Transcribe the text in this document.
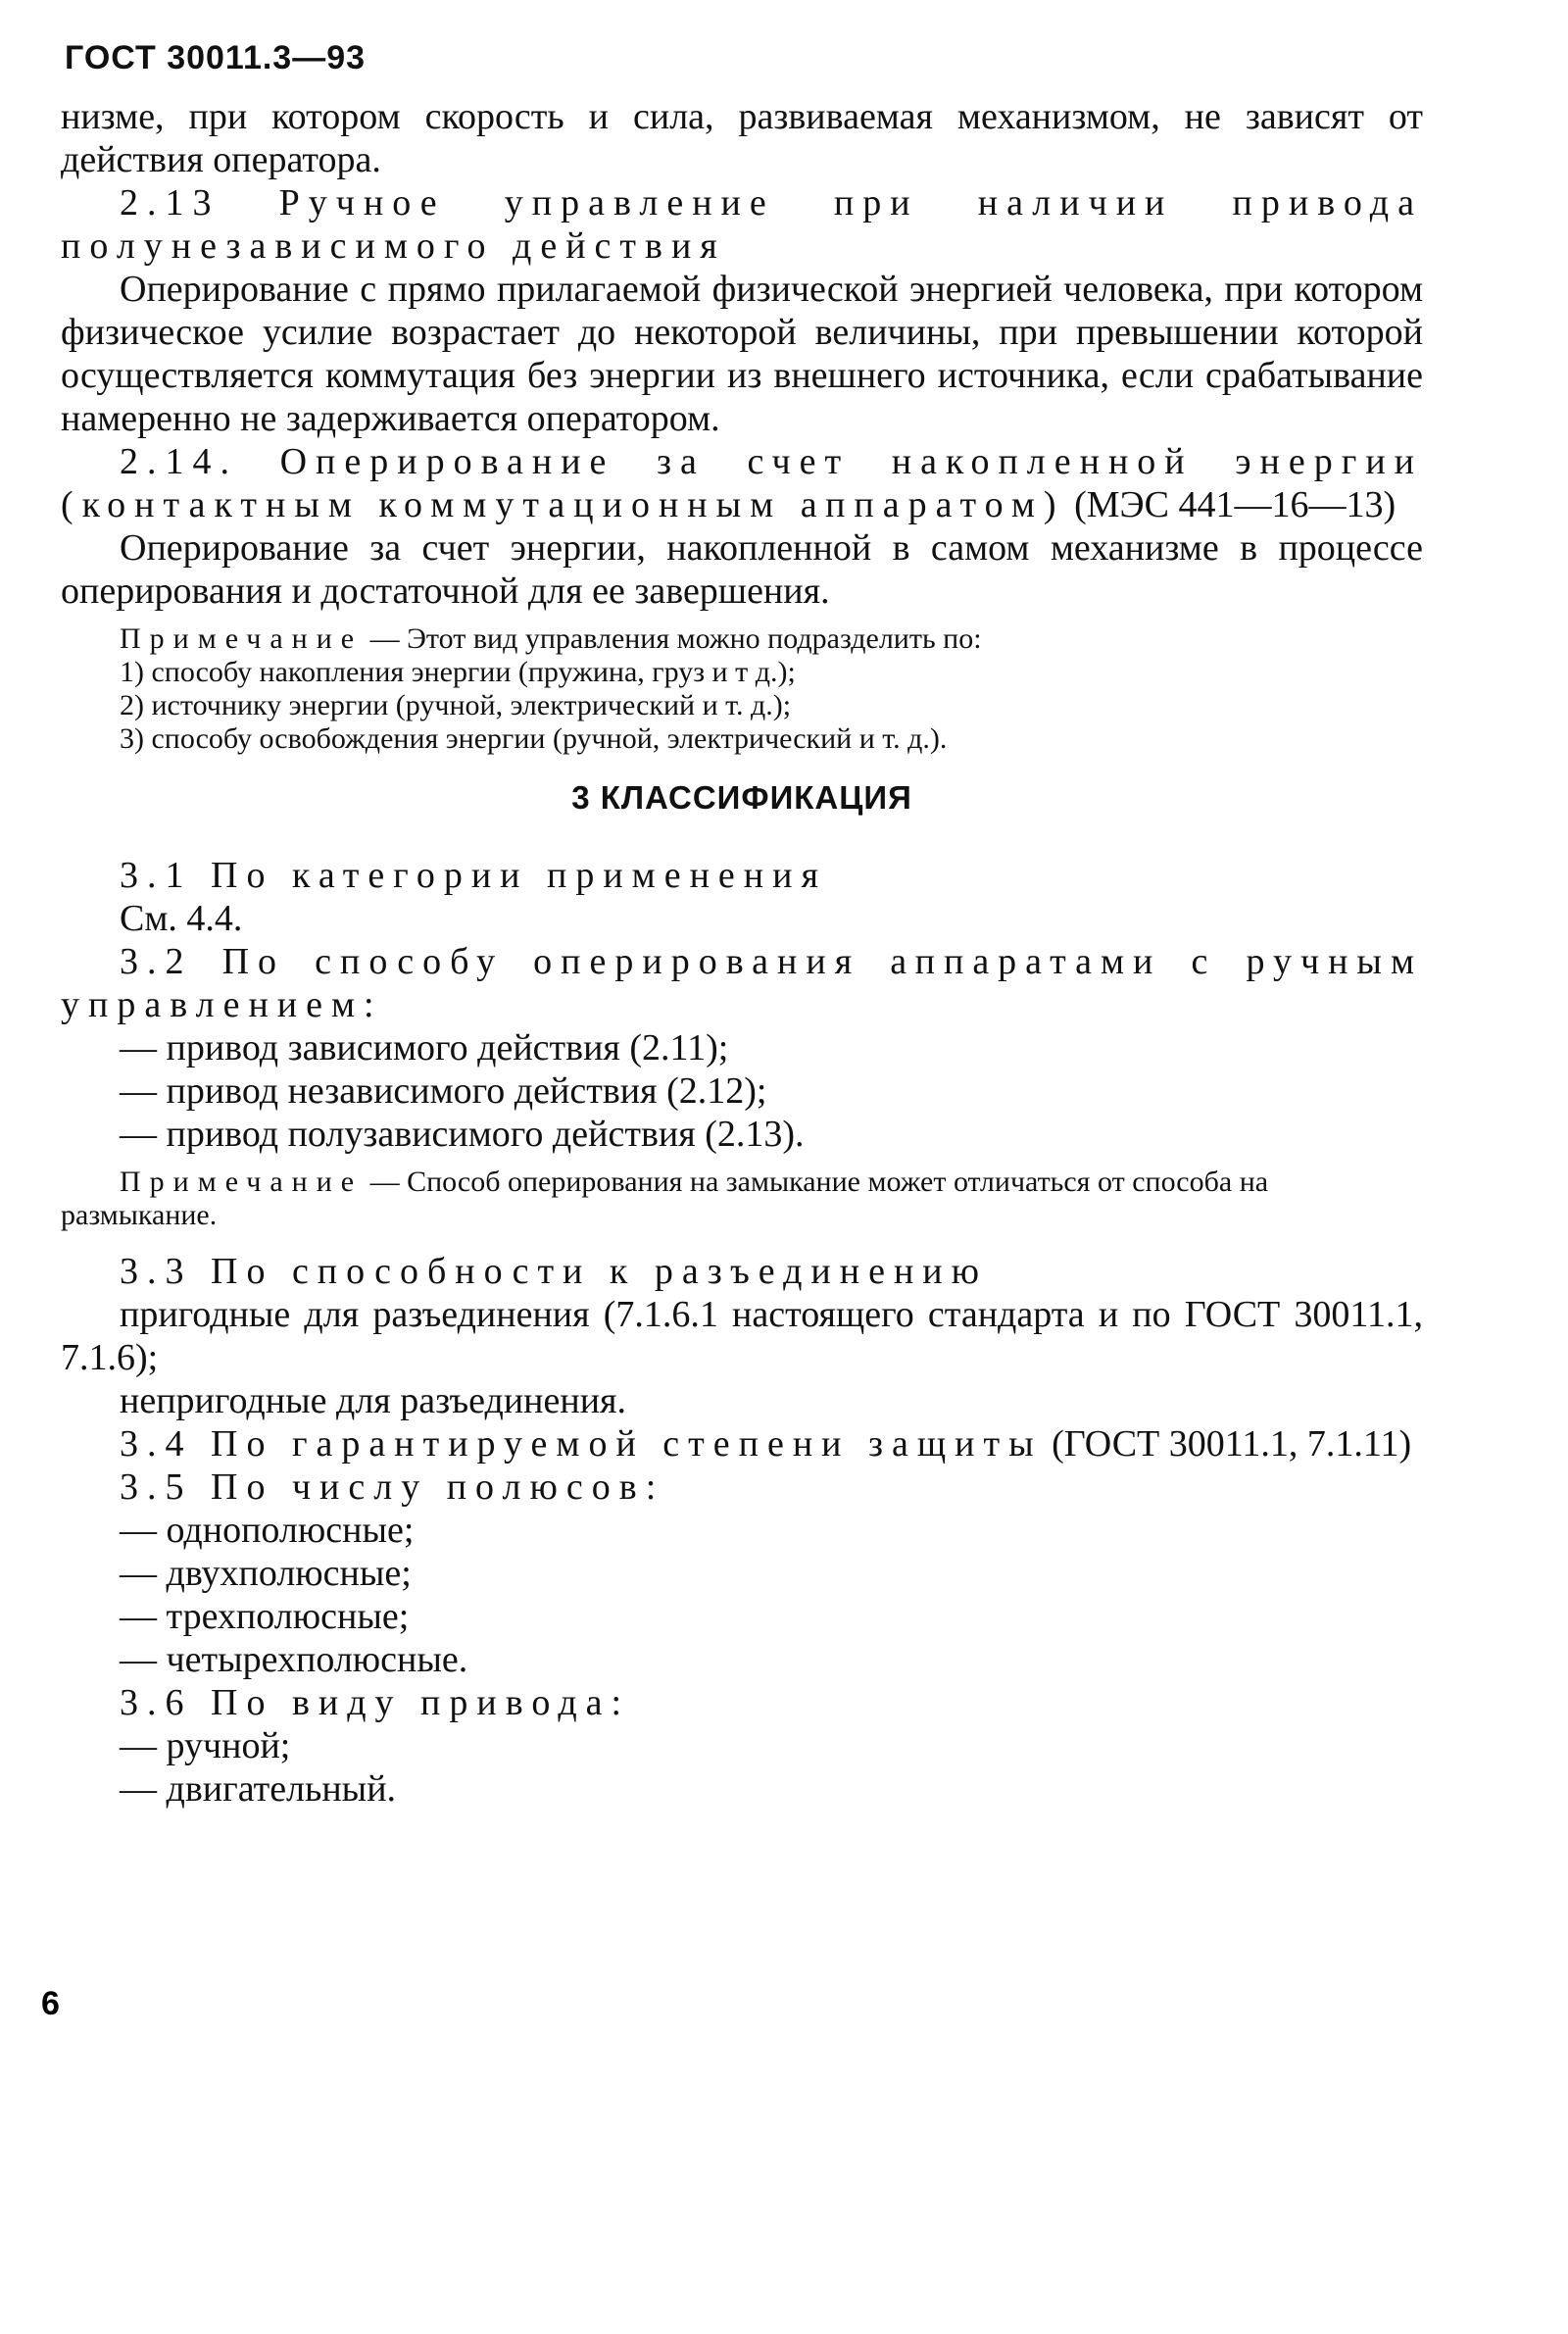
ГОСТ 30011.3—93

низме, при котором скорость и сила, развиваемая механизмом, не зависят от действия оператора.

2.13 Ручное управление при наличии привода полунезависимого действия

Оперирование с прямо прилагаемой физической энергией человека, при котором физическое усилие возрастает до некоторой величины, при превышении которой осуществляется коммутация без энергии из внешнего источника, если срабатывание намеренно не задерживается оператором.

2.14. Оперирование за счет накопленной энергии (контактным коммутационным аппаратом) (МЭС 441—16—13)

Оперирование за счет энергии, накопленной в самом механизме в процессе оперирования и достаточной для ее завершения.

Примечание — Этот вид управления можно подразделить по:

1) способу накопления энергии (пружина, груз и т д.);

2) источнику энергии (ручной, электрический и т. д.);

3) способу освобождения энергии (ручной, электрический и т. д.).

3 КЛАССИФИКАЦИЯ

3.1 По категории применения

См. 4.4.

3.2 По способу оперирования аппаратами с ручным управлением:

— привод зависимого действия (2.11);

— привод независимого действия (2.12);

— привод полузависимого действия (2.13).

Примечание — Способ оперирования на замыкание может отличаться от способа на размыкание.

3.3 По способности к разъединению

пригодные для разъединения (7.1.6.1 настоящего стандарта и по ГОСТ 30011.1, 7.1.6);

непригодные для разъединения.

3.4 По гарантируемой степени защиты (ГОСТ 30011.1, 7.1.11)

3.5 По числу полюсов:

— однополюсные;

— двухполюсные;

— трехполюсные;

— четырехполюсные.

3.6 По виду привода:

— ручной;

— двигательный.

6
